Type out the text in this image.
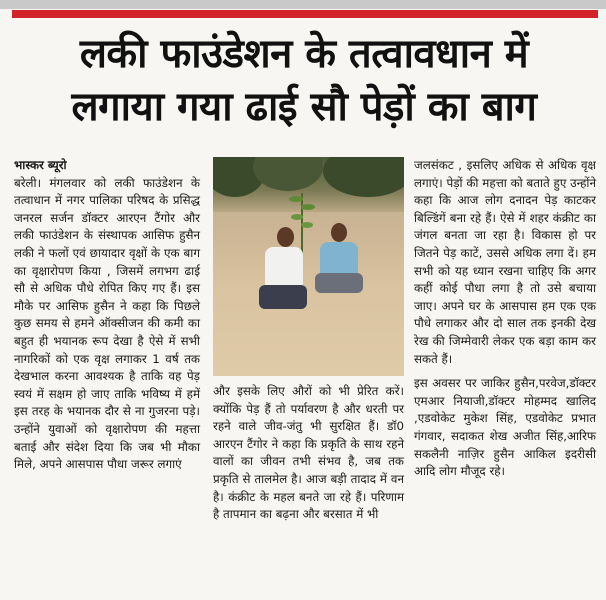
लकी फाउंडेशन के तत्वावधान में
लगाया गया ढाई सौ पेड़ों का बाग

भास्कर ब्यूरो

बरेली। मंगलवार को लकी फाउंडेशन के तत्वाधान में नगर पालिका परिषद के प्रसिद्ध जनरल सर्जन डॉक्टर आरएन टैंगोर और लकी फाउंडेशन के संस्थापक आसिफ हुसैन लकी ने फलों एवं छायादार वृक्षों के एक बाग का वृक्षारोपण किया , जिसमें लगभग ढाई सौ से अधिक पौधे रोपित किए गए हैं। इस मौके पर आसिफ हुसैन ने कहा कि पिछले कुछ समय से हमने ऑक्सीजन की कमी का बहुत ही भयानक रूप देखा है ऐसे में सभी नागरिकों को एक वृक्ष लगाकर 1 वर्ष तक देखभाल करना आवश्यक है ताकि वह पेड़ स्वयं में सक्षम हो जाए ताकि भविष्य में हमें इस तरह के भयानक दौर से ना गुजरना पड़े। उन्होंने युवाओं को वृक्षारोपण की महत्ता बताई और संदेश दिया कि जब भी मौका मिले, अपने आसपास पौधा जरूर लगाएं

और इसके लिए औरों को भी प्रेरित करें। क्योंकि पेड़ हैं तो पर्यावरण है और धरती पर रहने वाले जीव-जंतु भी सुरक्षित हैं। डॉ0 आरएन टैंगोर ने कहा कि प्रकृति के साथ रहने वालों का जीवन तभी संभव है, जब तक प्रकृति से तालमेल है। आज बड़ी तादाद में वन है। कंक्रीट के महल बनते जा रहे हैं। परिणाम है तापमान का बढ़ना और बरसात में भी

जलसंकट , इसलिए अधिक से अधिक वृक्ष लगाएं। पेड़ों की महत्ता को बताते हुए उन्होंने कहा कि आज लोग दनादन पेड़ काटकर बिल्डिंगें बना रहे हैं। ऐसे में शहर कंक्रीट का जंगल बनता जा रहा है। विकास हो पर जितने पेड़ काटें, उससे अधिक लगा दें। हम सभी को यह ध्यान रखना चाहिए कि अगर कहीं कोई पौधा लगा है तो उसे बचाया जाए। अपने घर के आसपास हम एक एक पौधे लगाकर और दो साल तक इनकी देख रेख की जिम्मेवारी लेकर एक बड़ा काम कर सकते हैं।

इस अवसर पर जाकिर हुसैन,परवेज,डॉक्टर एमआर नियाजी,डॉक्टर मोहम्मद खालिद ,एडवोकेट मुकेश सिंह, एडवोकेट प्रभात गंगवार, सदाकत शेख अजीत सिंह,आरिफ सकलैनी नाज़िर हुसैन आकिल इदरीसी आदि लोग मौजूद रहे।
